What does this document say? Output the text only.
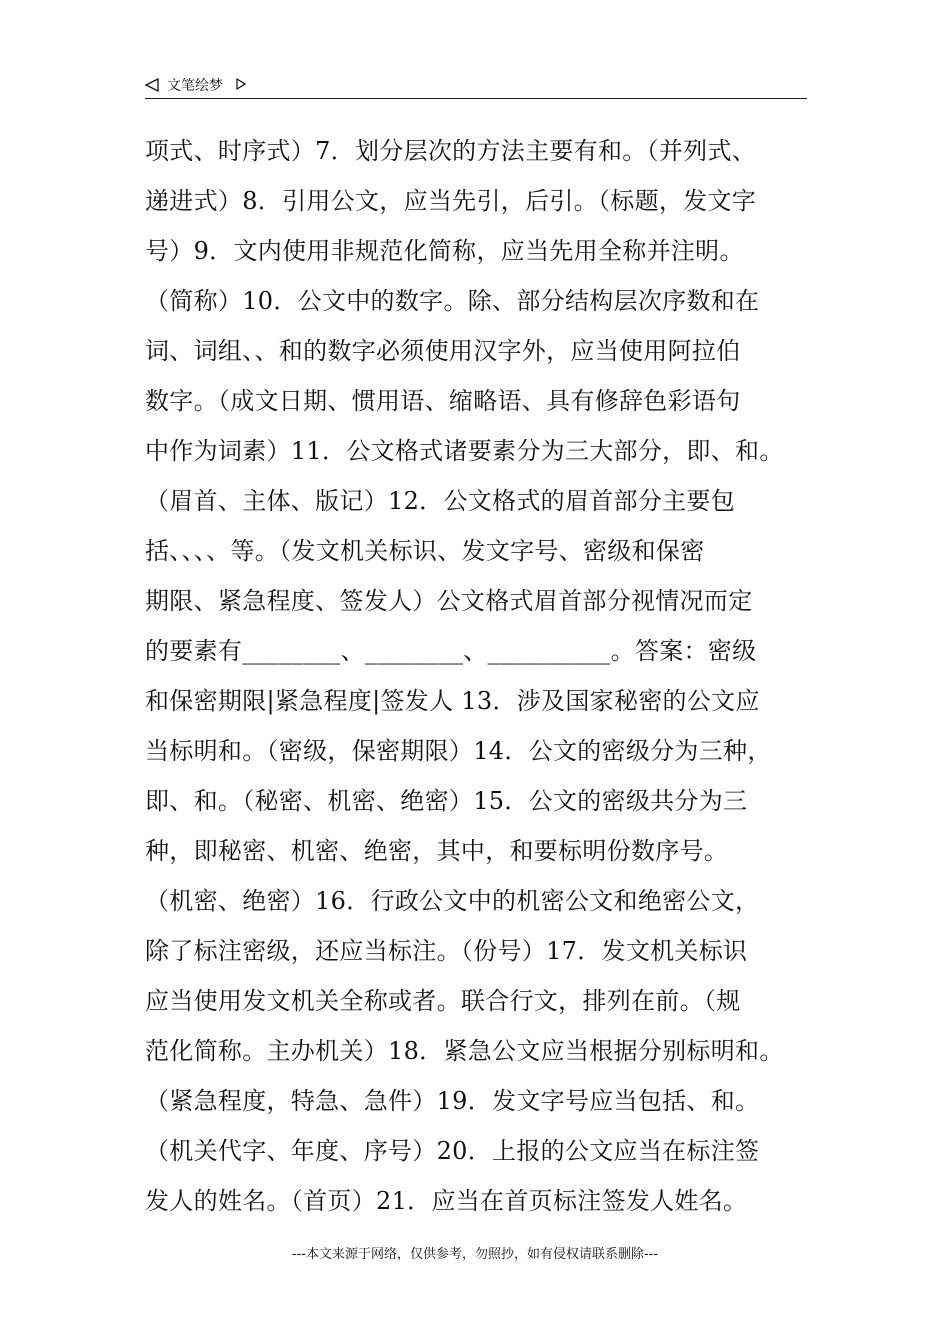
文笔绘梦
项式、时序式）7．划分层次的方法主要有和。（并列式、
递进式）8．引用公文，应当先引，后引。（标题，发文字
号）9．文内使用非规范化简称，应当先用全称并注明。
（简称）10．公文中的数字。除、部分结构层次序数和在
词、词组、、和的数字必须使用汉字外，应当使用阿拉伯
数字。（成文日期、惯用语、缩略语、具有修辞色彩语句
中作为词素）11．公文格式诸要素分为三大部分，即、和。
（眉首、主体、版记）12．公文格式的眉首部分主要包
括、、、、等。（发文机关标识、发文字号、密级和保密
期限、紧急程度、签发人）公文格式眉首部分视情况而定
的要素有________、________、__________。答案：密级
和保密期限|紧急程度|签发人 13．涉及国家秘密的公文应
当标明和。（密级，保密期限）14．公文的密级分为三种，
即、和。（秘密、机密、绝密）15．公文的密级共分为三
种，即秘密、机密、绝密，其中，和要标明份数序号。
（机密、绝密）16．行政公文中的机密公文和绝密公文，
除了标注密级，还应当标注。（份号）17．发文机关标识
应当使用发文机关全称或者。联合行文，排列在前。（规
范化简称。主办机关）18．紧急公文应当根据分别标明和。
（紧急程度，特急、急件）19．发文字号应当包括、和。
（机关代字、年度、序号）20．上报的公文应当在标注签
发人的姓名。（首页）21．应当在首页标注签发人姓名。
---本文来源于网络，仅供参考，勿照抄，如有侵权请联系删除---
